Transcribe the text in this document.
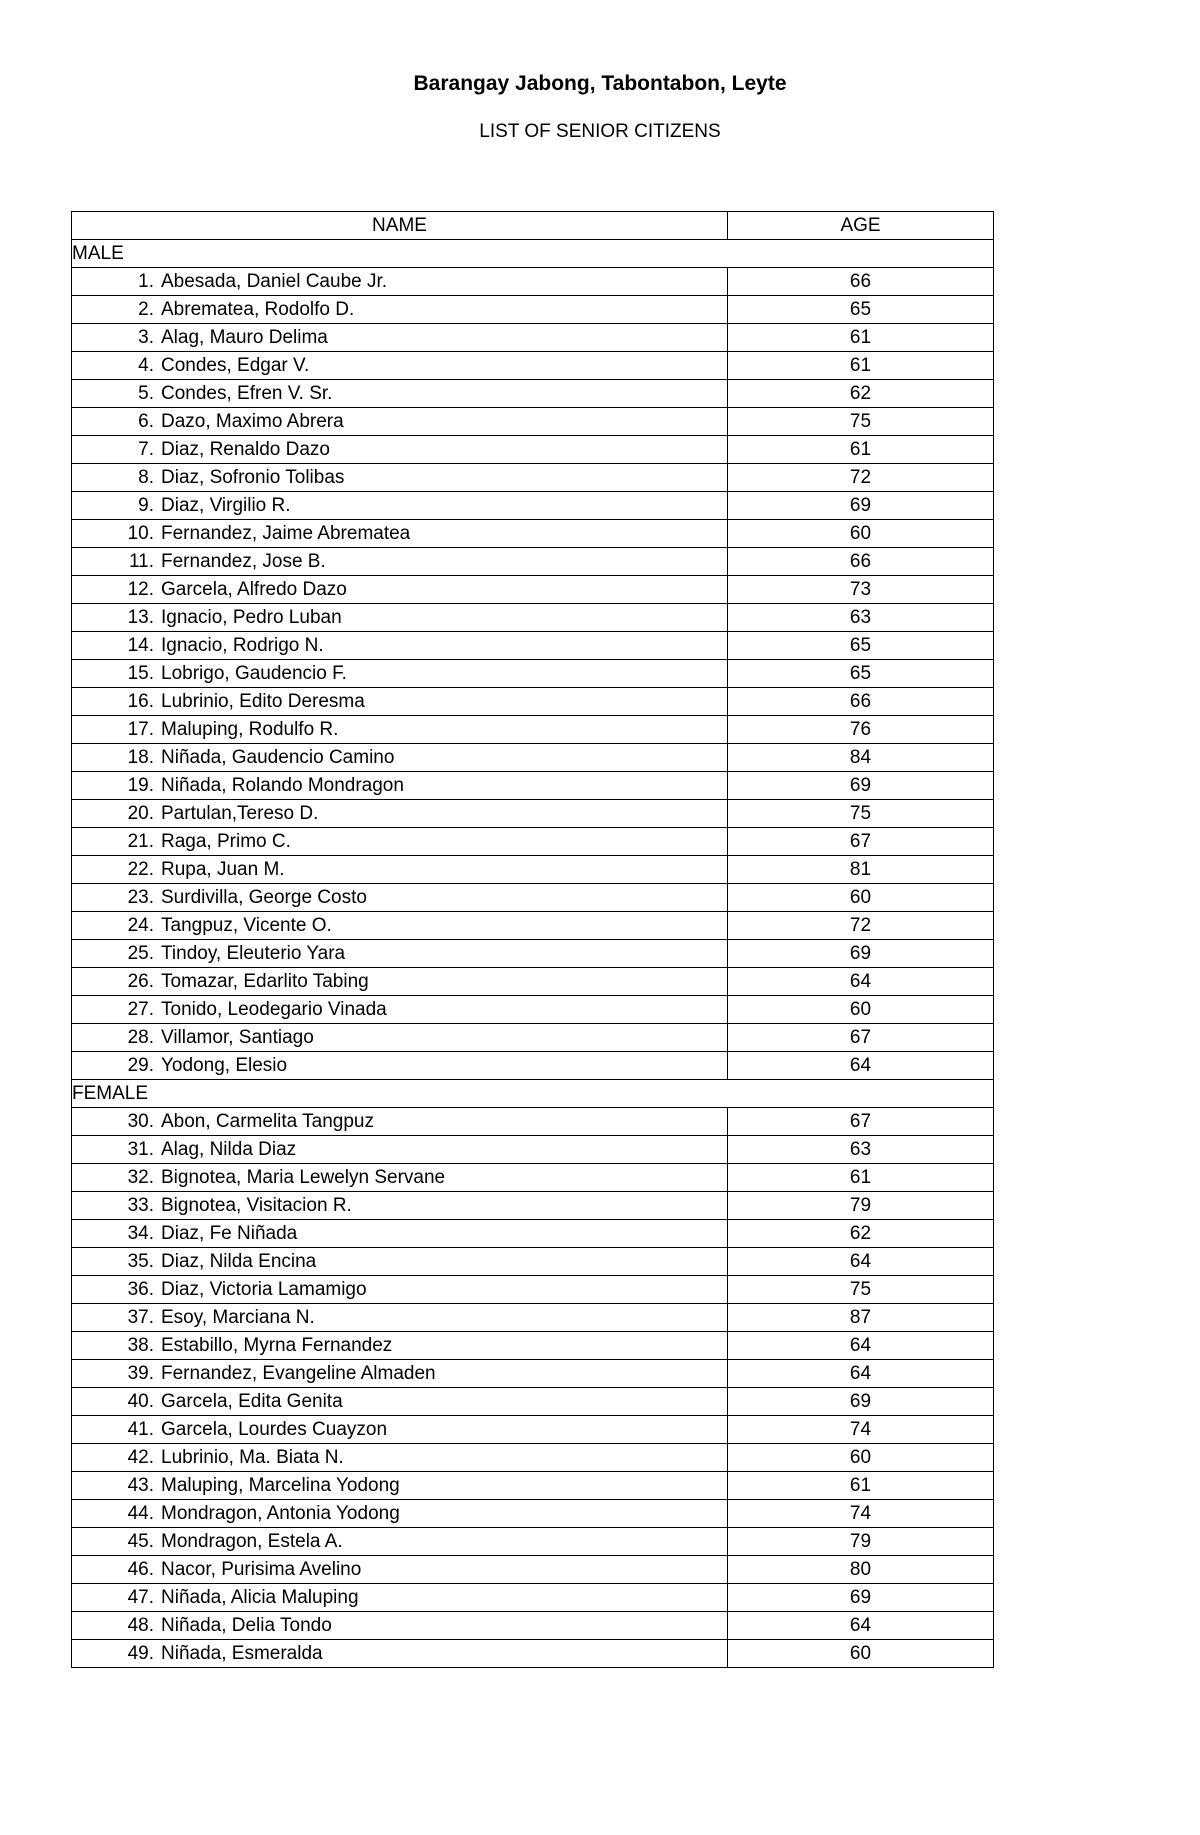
Barangay Jabong, Tabontabon, Leyte
LIST OF SENIOR CITIZENS
NAME	AGE
MALE	
1. Abesada, Daniel Caube Jr.	66
2. Abrematea, Rodolfo D.	65
3. Alag, Mauro Delima	61
4. Condes, Edgar V.	61
5. Condes, Efren V. Sr.	62
6. Dazo, Maximo Abrera	75
7. Diaz, Renaldo Dazo	61
8. Diaz, Sofronio Tolibas	72
9. Diaz, Virgilio R.	69
10. Fernandez, Jaime Abrematea	60
11. Fernandez, Jose B.	66
12. Garcela, Alfredo Dazo	73
13. Ignacio, Pedro Luban	63
14. Ignacio, Rodrigo N.	65
15. Lobrigo, Gaudencio F.	65
16. Lubrinio, Edito Deresma	66
17. Maluping, Rodulfo R.	76
18. Niñada, Gaudencio Camino	84
19. Niñada, Rolando Mondragon	69
20. Partulan,Tereso D.	75
21. Raga, Primo C.	67
22. Rupa, Juan M.	81
23. Surdivilla, George Costo	60
24. Tangpuz, Vicente O.	72
25. Tindoy, Eleuterio Yara	69
26. Tomazar, Edarlito Tabing	64
27. Tonido, Leodegario Vinada	60
28. Villamor, Santiago	67
29. Yodong, Elesio	64
FEMALE	
30. Abon, Carmelita Tangpuz	67
31. Alag, Nilda Diaz	63
32. Bignotea, Maria Lewelyn Servane	61
33. Bignotea, Visitacion R.	79
34. Diaz, Fe Niñada	62
35. Diaz, Nilda Encina	64
36. Diaz, Victoria Lamamigo	75
37. Esoy, Marciana N.	87
38. Estabillo, Myrna Fernandez	64
39. Fernandez, Evangeline Almaden	64
40. Garcela, Edita Genita	69
41. Garcela, Lourdes Cuayzon	74
42. Lubrinio, Ma. Biata N.	60
43. Maluping, Marcelina Yodong	61
44. Mondragon, Antonia Yodong	74
45. Mondragon, Estela A.	79
46. Nacor, Purisima Avelino	80
47. Niñada, Alicia Maluping	69
48. Niñada, Delia Tondo	64
49. Niñada, Esmeralda	60
